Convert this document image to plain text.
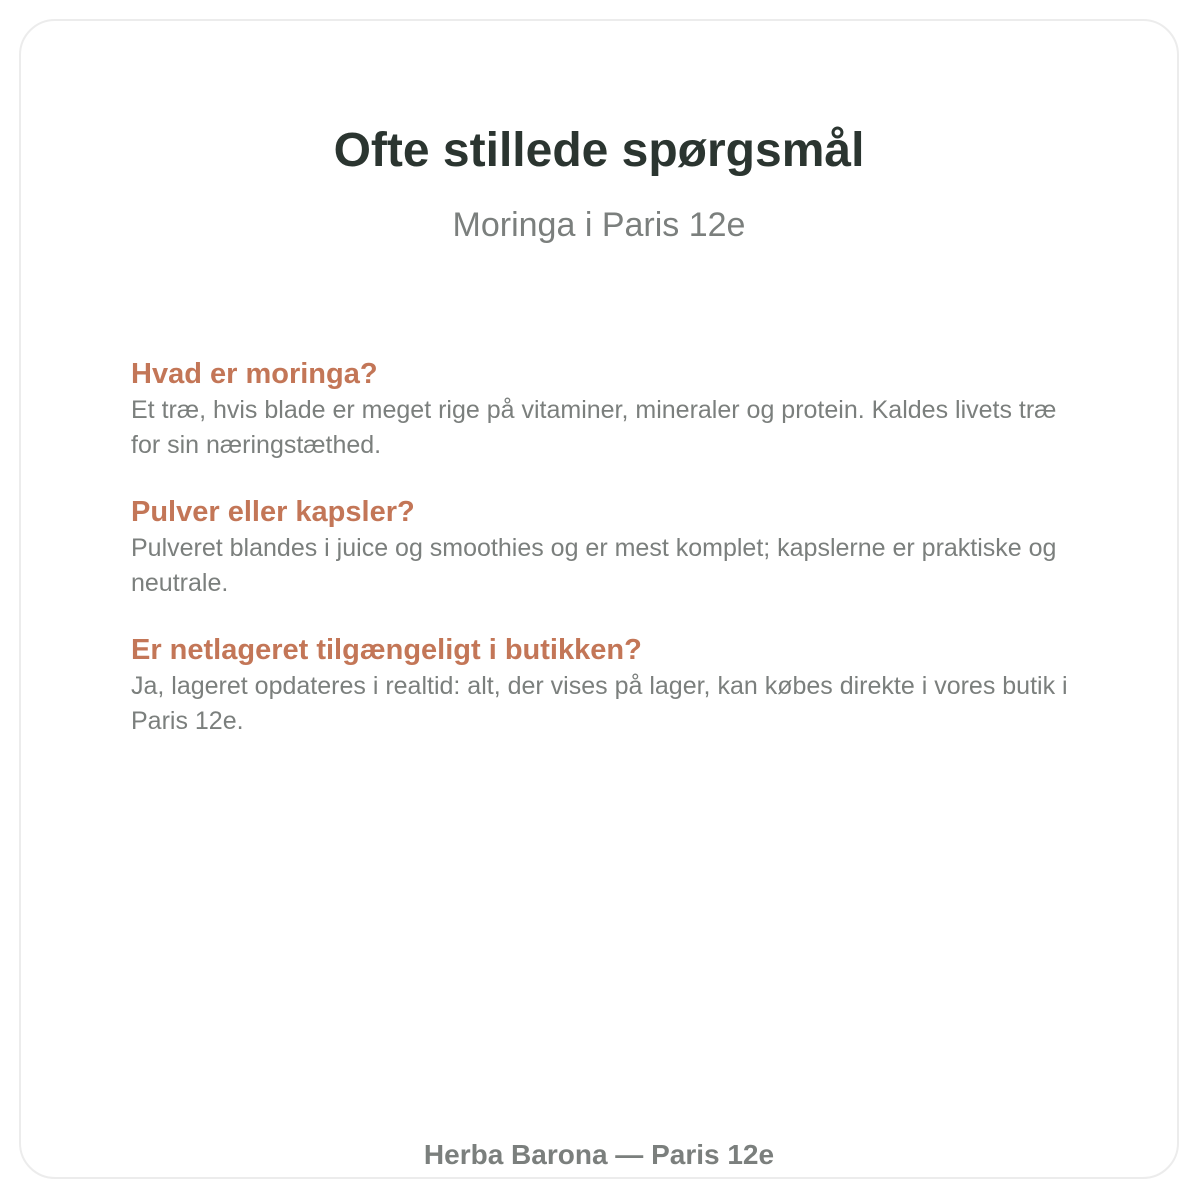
Ofte stillede spørgsmål

Moringa i Paris 12e

Hvad er moringa?

Et træ, hvis blade er meget rige på vitaminer, mineraler og protein. Kaldes livets træ for sin næringstæthed.

Pulver eller kapsler?

Pulveret blandes i juice og smoothies og er mest komplet; kapslerne er praktiske og neutrale.

Er netlageret tilgængeligt i butikken?

Ja, lageret opdateres i realtid: alt, der vises på lager, kan købes direkte i vores butik i Paris 12e.

Herba Barona — Paris 12e
